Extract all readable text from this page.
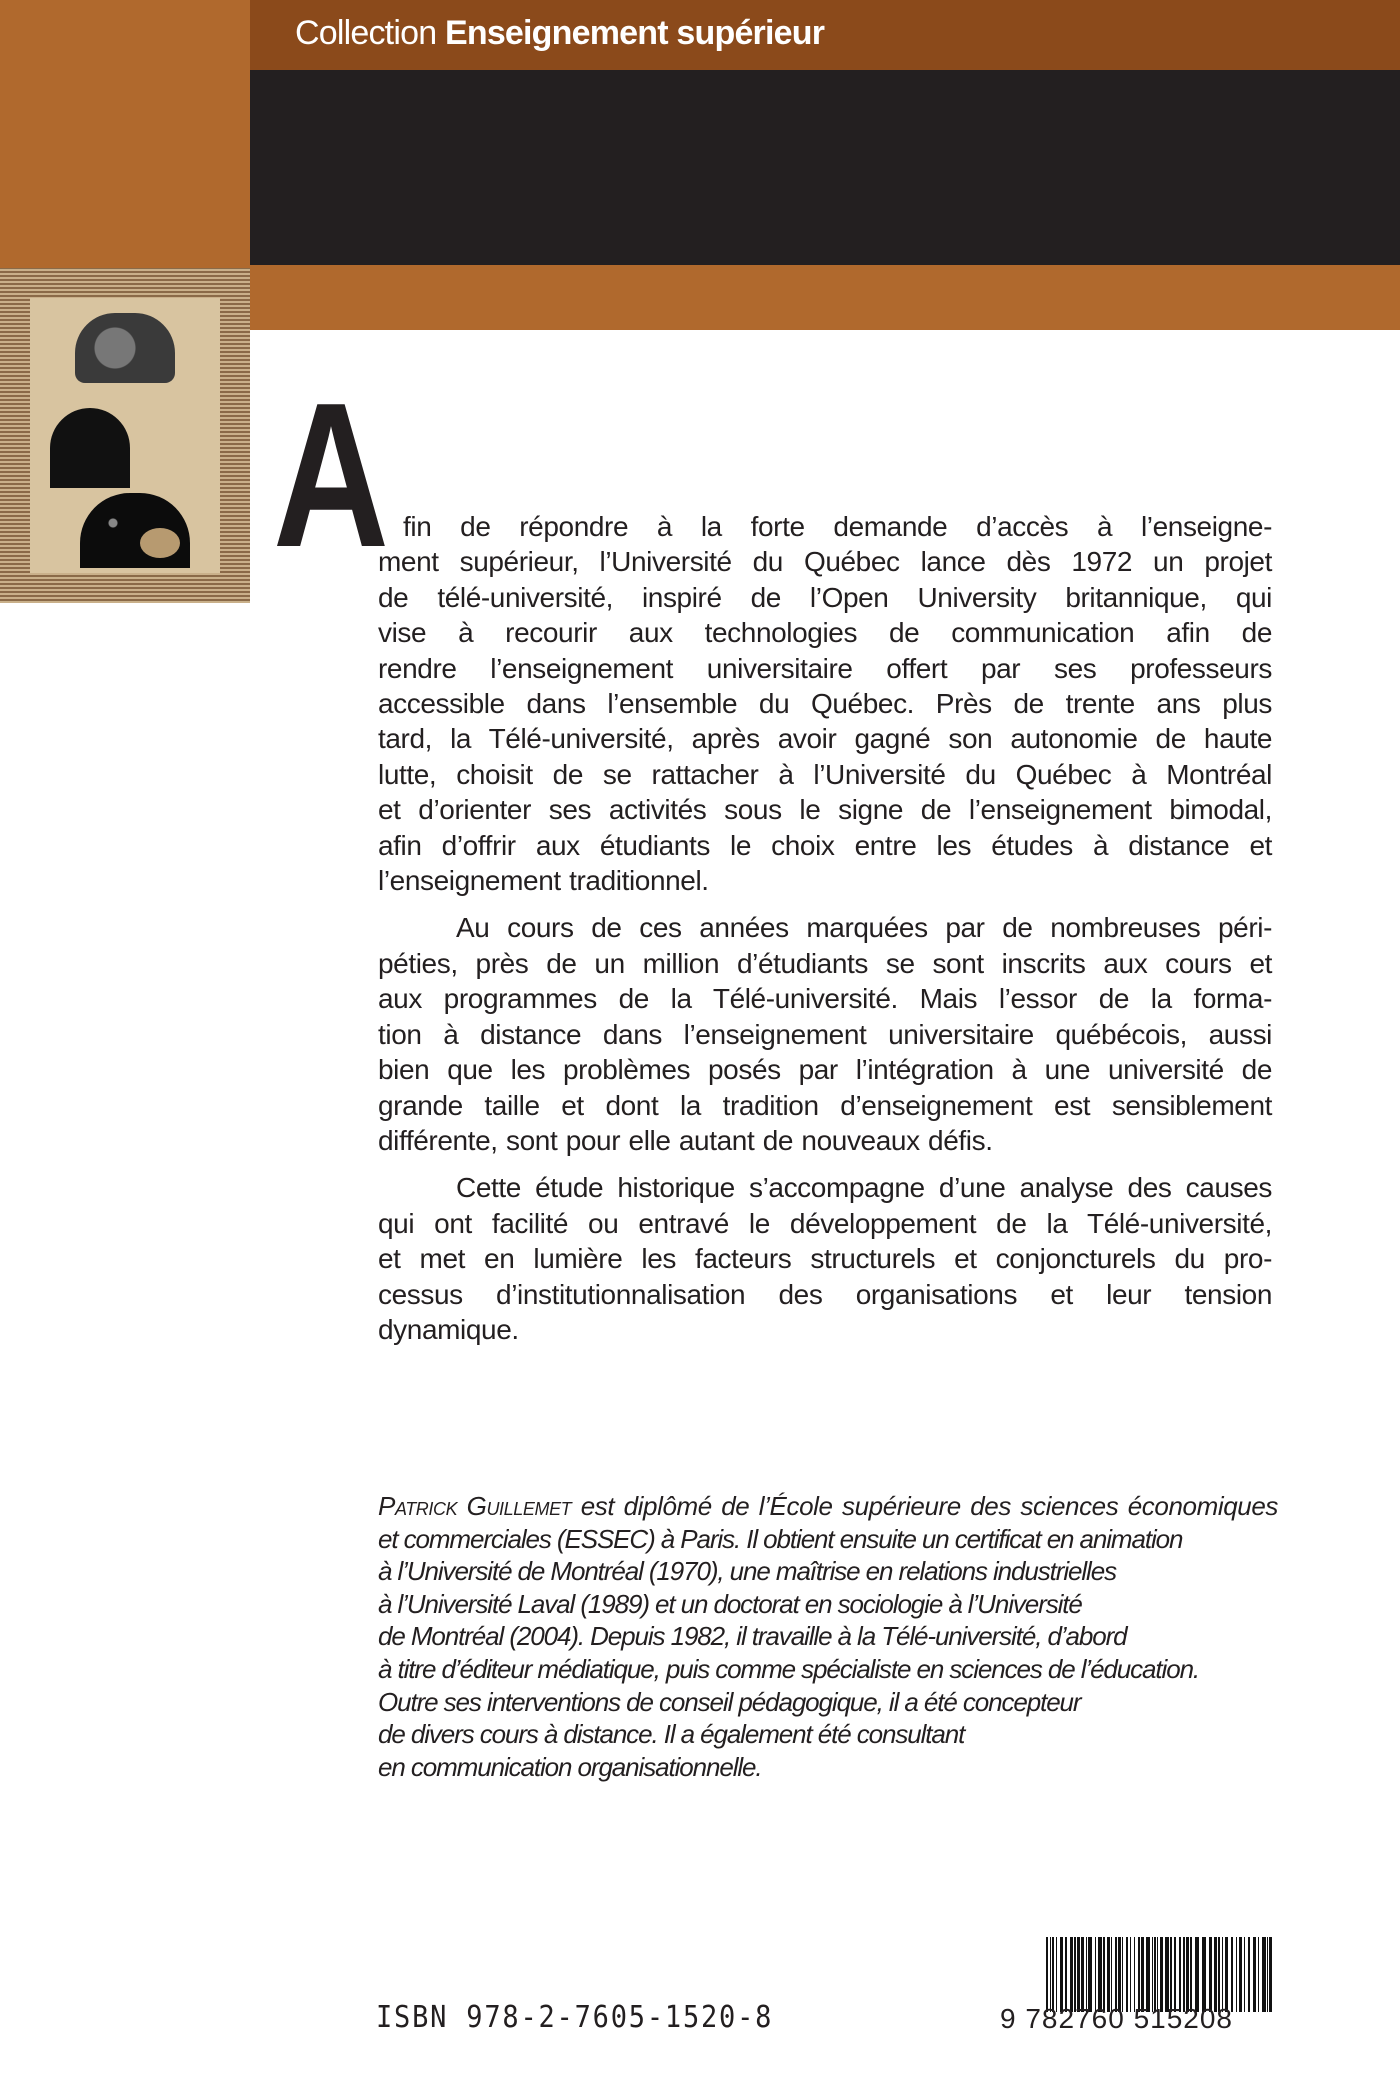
Collection Enseignement supérieur
A fin de répondre à la forte demande d’accès à l’enseigne-
ment supérieur, l’Université du Québec lance dès 1972 un projet
de télé-université, inspiré de l’Open University britannique, qui
vise à recourir aux technologies de communication afin de
rendre l’enseignement universitaire offert par ses professeurs
accessible dans l’ensemble du Québec. Près de trente ans plus
tard, la Télé-université, après avoir gagné son autonomie de haute
lutte, choisit de se rattacher à l’Université du Québec à Montréal
et d’orienter ses activités sous le signe de l’enseignement bimodal,
afin d’offrir aux étudiants le choix entre les études à distance et
l’enseignement traditionnel.
Au cours de ces années marquées par de nombreuses péri-
péties, près de un million d’étudiants se sont inscrits aux cours et
aux programmes de la Télé-université. Mais l’essor de la forma-
tion à distance dans l’enseignement universitaire québécois, aussi
bien que les problèmes posés par l’intégration à une université de
grande taille et dont la tradition d’enseignement est sensiblement
différente, sont pour elle autant de nouveaux défis.
Cette étude historique s’accompagne d’une analyse des causes
qui ont facilité ou entravé le développement de la Télé-université,
et met en lumière les facteurs structurels et conjoncturels du pro-
cessus d’institutionnalisation des organisations et leur tension
dynamique.
Patrick Guillemet est diplômé de l’École supérieure des sciences économiques
et commerciales (ESSEC) à Paris. Il obtient ensuite un certificat en animation
à l’Université de Montréal (1970), une maîtrise en relations industrielles
à l’Université Laval (1989) et un doctorat en sociologie à l’Université
de Montréal (2004). Depuis 1982, il travaille à la Télé-université, d’abord
à titre d’éditeur médiatique, puis comme spécialiste en sciences de l’éducation.
Outre ses interventions de conseil pédagogique, il a été concepteur
de divers cours à distance. Il a également été consultant
en communication organisationnelle.
ISBN 978-2-7605-1520-8	9 782760 515208
